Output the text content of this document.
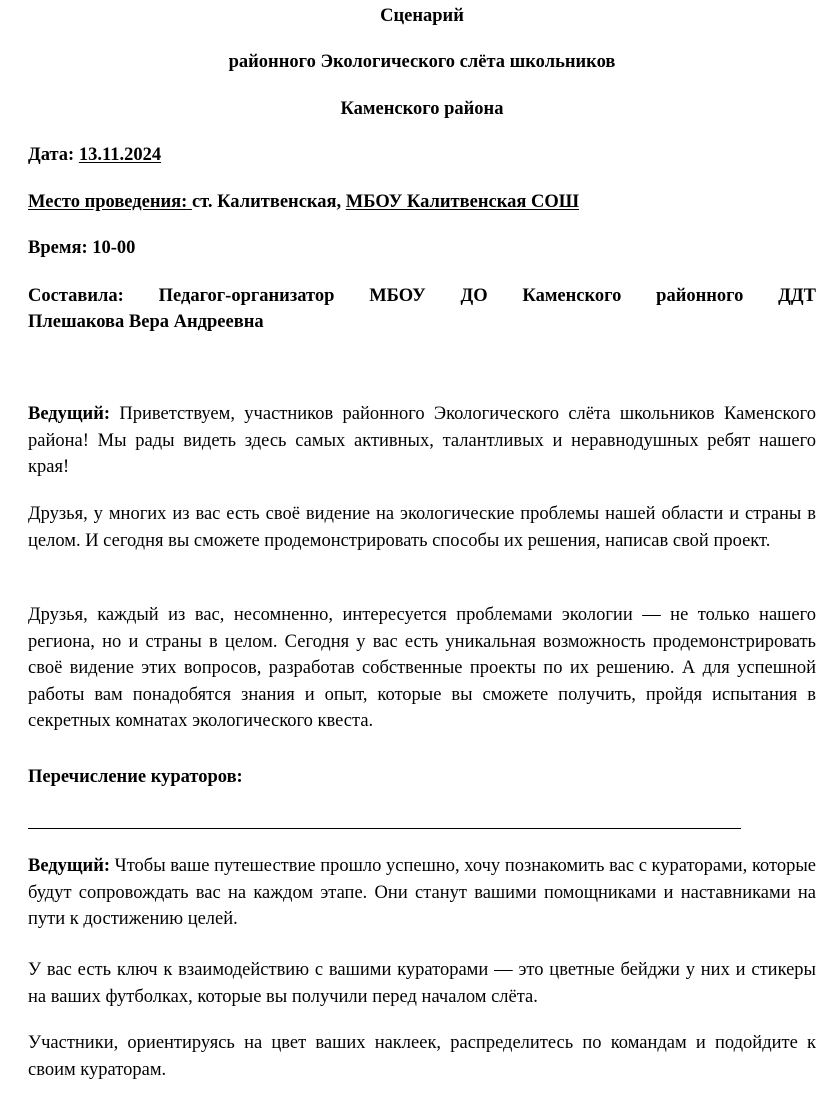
Сценарий

районного Экологического слёта школьников

Каменского района

Дата: 13.11.2024

Место проведения: ст. Калитвенская, МБОУ Калитвенская СОШ

Время: 10-00

Составила: Педагог-организатор МБОУ ДО Каменского районного ДДТ
Плешакова Вера Андреевна

Ведущий: Приветствуем, участников районного Экологического слёта школьников Каменского района! Мы рады видеть здесь самых активных, талантливых и неравнодушных ребят нашего края!

Друзья, у многих из вас есть своё видение на экологические проблемы нашей области и страны в целом. И сегодня вы сможете продемонстрировать способы их решения, написав свой проект.

Друзья, каждый из вас, несомненно, интересуется проблемами экологии — не только нашего региона, но и страны в целом. Сегодня у вас есть уникальная возможность продемонстрировать своё видение этих вопросов, разработав собственные проекты по их решению. А для успешной работы вам понадобятся знания и опыт, которые вы сможете получить, пройдя испытания в секретных комнатах экологического квеста.

Перечисление кураторов:

Ведущий: Чтобы ваше путешествие прошло успешно, хочу познакомить вас с кураторами, которые будут сопровождать вас на каждом этапе. Они станут вашими помощниками и наставниками на пути к достижению целей.

У вас есть ключ к взаимодействию с вашими кураторами — это цветные бейджи у них и стикеры на ваших футболках, которые вы получили перед началом слёта.

Участники, ориентируясь на цвет ваших наклеек, распределитесь по командам и подойдите к своим кураторам.
